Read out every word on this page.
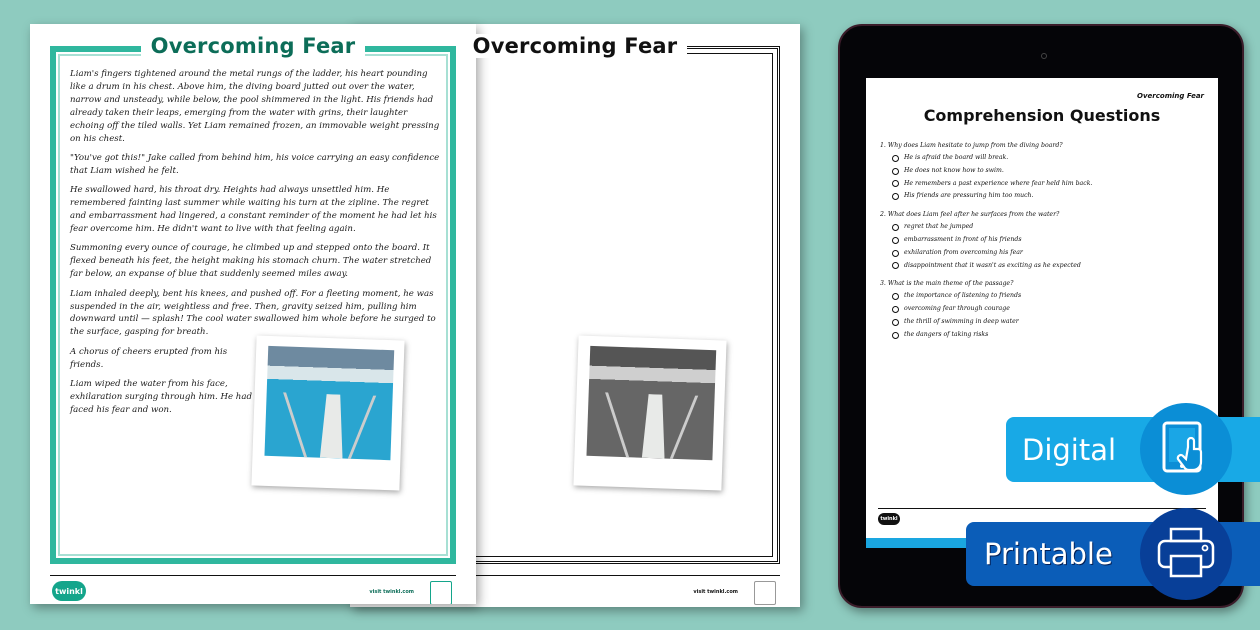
Overcoming Fear

visit twinkl.com
Overcoming Fear

Liam's fingers tightened around the metal rungs of the ladder, his heart pounding like a drum in his chest. Above him, the diving board jutted out over the water, narrow and unsteady, while below, the pool shimmered in the light. His friends had already taken their leaps, emerging from the water with grins, their laughter echoing off the tiled walls. Yet Liam remained frozen, an immovable weight pressing on his chest.

"You've got this!" Jake called from behind him, his voice carrying an easy confidence that Liam wished he felt.

He swallowed hard, his throat dry. Heights had always unsettled him. He remembered fainting last summer while waiting his turn at the zipline. The regret and embarrassment had lingered, a constant reminder of the moment he had let his fear overcome him. He didn't want to live with that feeling again.

Summoning every ounce of courage, he climbed up and stepped onto the board. It flexed beneath his feet, the height making his stomach churn. The water stretched far below, an expanse of blue that suddenly seemed miles away.

Liam inhaled deeply, bent his knees, and pushed off. For a fleeting moment, he was suspended in the air, weightless and free. Then, gravity seized him, pulling him downward until — splash! The cool water swallowed him whole before he surged to the surface, gasping for breath.

A chorus of cheers erupted from his friends.

Liam wiped the water from his face, exhilaration surging through him. He had faced his fear and won.

twinkl	visit twinkl.com
Overcoming Fear
Comprehension Questions
1. Why does Liam hesitate to jump from the diving board?
He is afraid the board will break.
He does not know how to swim.
He remembers a past experience where fear held him back.
His friends are pressuring him too much.
2. What does Liam feel after he surfaces from the water?
regret that he jumped
embarrassment in front of his friends
exhilaration from overcoming his fear
disappointment that it wasn't as exciting as he expected
3. What is the main theme of the passage?
the importance of listening to friends
overcoming fear through courage
the thrill of swimming in deep water
the dangers of taking risks
twinkl
Digital
Printable
